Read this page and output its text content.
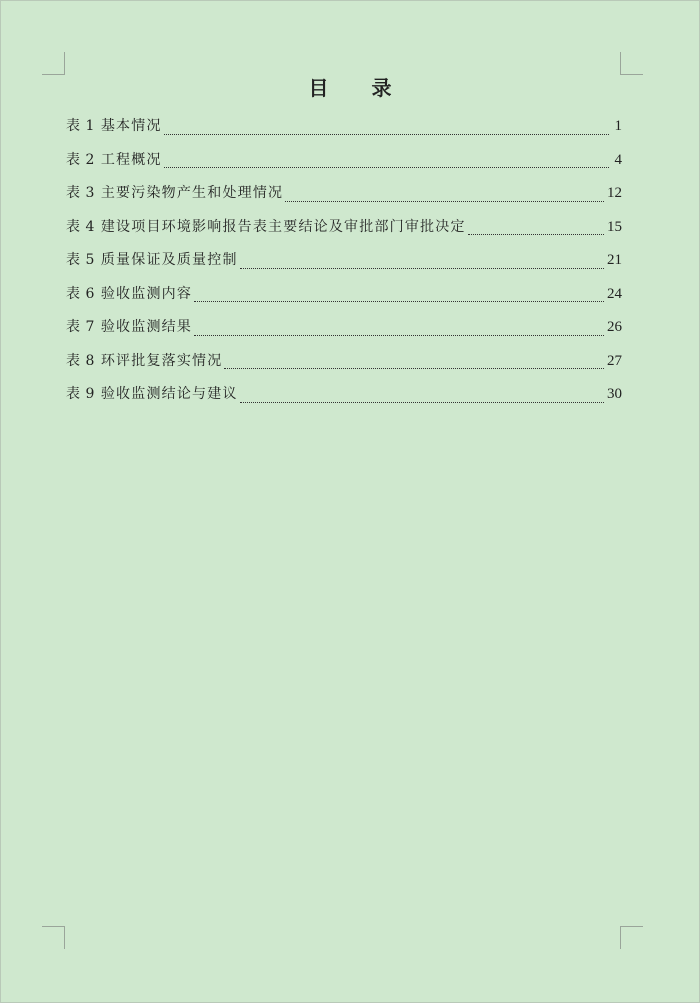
目 录
表 1 基本情况	1
表 2 工程概况	4
表 3 主要污染物产生和处理情况	12
表 4 建设项目环境影响报告表主要结论及审批部门审批决定	15
表 5 质量保证及质量控制	21
表 6 验收监测内容	24
表 7 验收监测结果	26
表 8 环评批复落实情况	27
表 9 验收监测结论与建议	30
